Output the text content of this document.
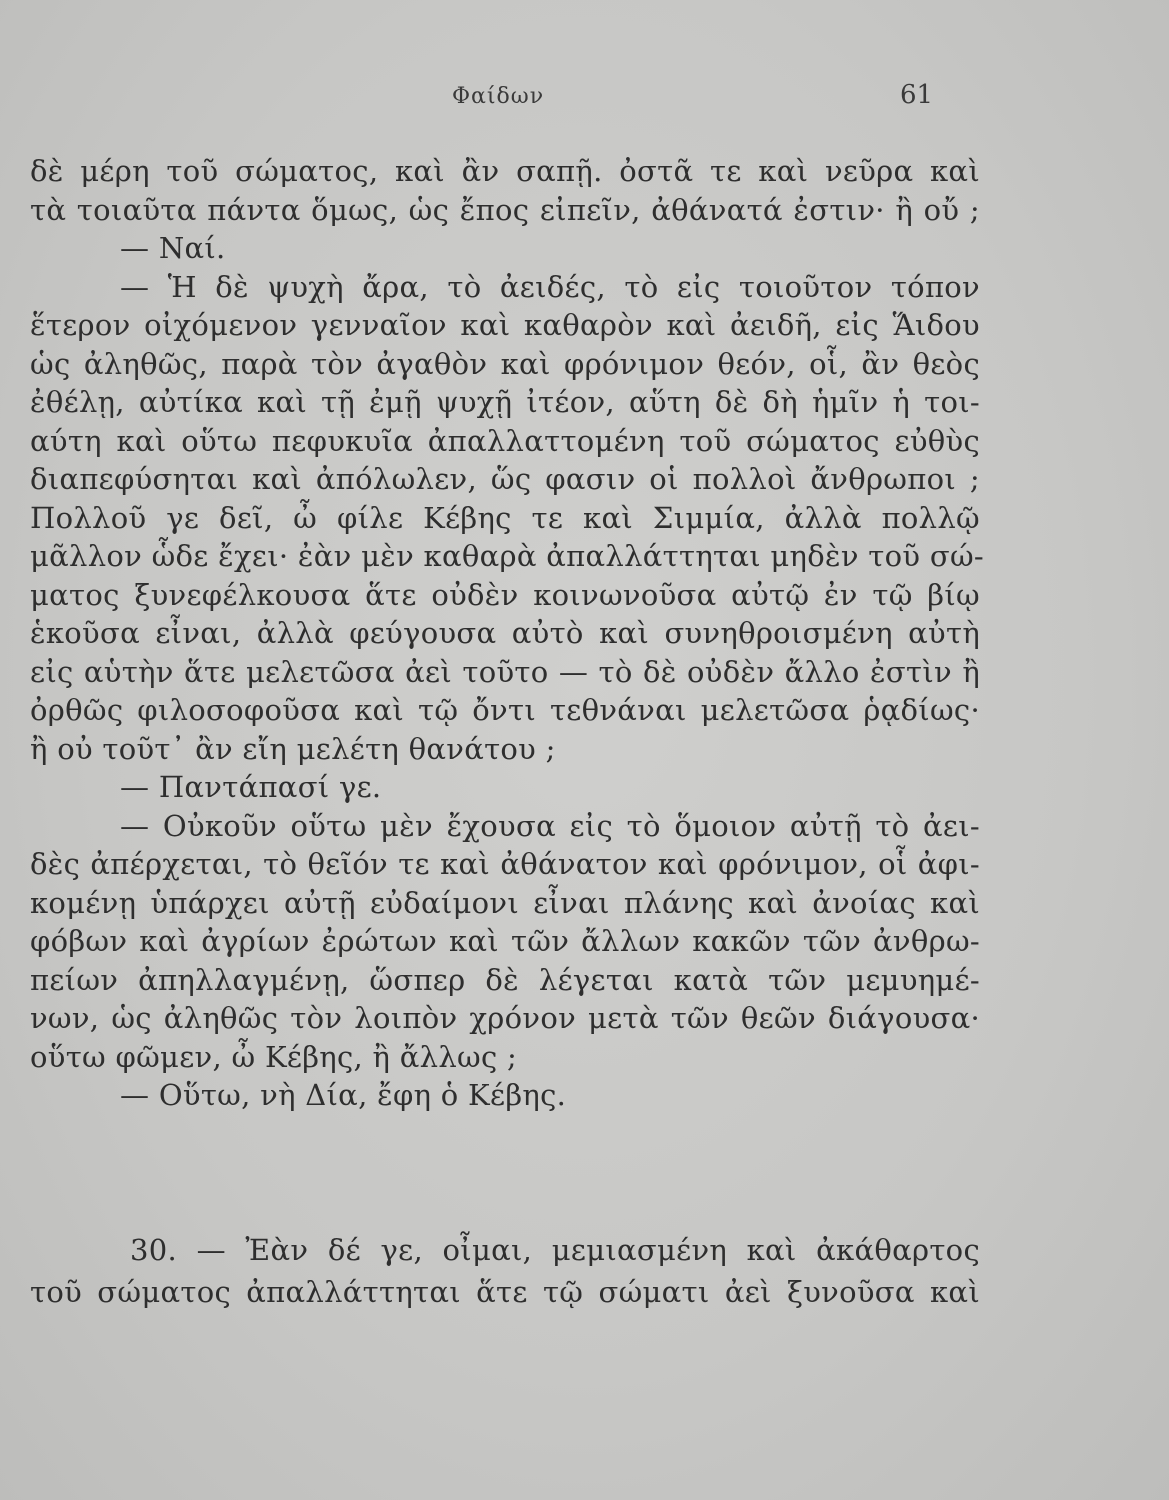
Φαίδων	61
δὲ μέρη τοῦ σώματος, καὶ ἂν σαπῇ. ὀστᾶ τε καὶ νεῦρα καὶ
τὰ τοιαῦτα πάντα ὅμως, ὡς ἔπος εἰπεῖν, ἀθάνατά ἐστιν· ἢ οὔ ;
— Ναί.
— Ἡ δὲ ψυχὴ ἄρα, τὸ ἀειδές, τὸ εἰς τοιοῦτον τόπον
ἕτερον οἰχόμενον γενναῖον καὶ καθαρὸν καὶ ἀειδῆ, εἰς Ἅιδου
ὡς ἀληθῶς, παρὰ τὸν ἀγαθὸν καὶ φρόνιμον θεόν, οἷ, ἂν θεὸς
ἐθέλῃ, αὐτίκα καὶ τῇ ἐμῇ ψυχῇ ἰτέον, αὕτη δὲ δὴ ἡμῖν ἡ τοι-
αύτη καὶ οὕτω πεφυκυῖα ἀπαλλαττομένη τοῦ σώματος εὐθὺς
διαπεφύσηται καὶ ἀπόλωλεν, ὥς φασιν οἱ πολλοὶ ἄνθρωποι ;
Πολλοῦ γε δεῖ, ὦ φίλε Κέβης τε καὶ Σιμμία, ἀλλὰ πολλῷ
μᾶλλον ὧδε ἔχει· ἐὰν μὲν καθαρὰ ἀπαλλάττηται μηδὲν τοῦ σώ-
ματος ξυνεφέλκουσα ἅτε οὐδὲν κοινωνοῦσα αὐτῷ ἐν τῷ βίῳ
ἑκοῦσα εἶναι, ἀλλὰ φεύγουσα αὐτὸ καὶ συνηθροισμένη αὐτὴ
εἰς αὑτὴν ἅτε μελετῶσα ἀεὶ τοῦτο — τὸ δὲ οὐδὲν ἄλλο ἐστὶν ἢ
ὀρθῶς φιλοσοφοῦσα καὶ τῷ ὄντι τεθνάναι μελετῶσα ῥᾳδίως·
ἢ οὐ τοῦτ᾽ ἂν εἴη μελέτη θανάτου ;
— Παντάπασί γε.
— Οὐκοῦν οὕτω μὲν ἔχουσα εἰς τὸ ὅμοιον αὐτῇ τὸ ἀει-
δὲς ἀπέρχεται, τὸ θεῖόν τε καὶ ἀθάνατον καὶ φρόνιμον, οἷ ἀφι-
κομένῃ ὑπάρχει αὐτῇ εὐδαίμονι εἶναι πλάνης καὶ ἀνοίας καὶ
φόβων καὶ ἀγρίων ἐρώτων καὶ τῶν ἄλλων κακῶν τῶν ἀνθρω-
πείων ἀπηλλαγμένῃ, ὥσπερ δὲ λέγεται κατὰ τῶν μεμυημέ-
νων, ὡς ἀληθῶς τὸν λοιπὸν χρόνον μετὰ τῶν θεῶν διάγουσα·
οὕτω φῶμεν, ὦ Κέβης, ἢ ἄλλως ;
— Οὕτω, νὴ Δία, ἔφη ὁ Κέβης.
30. — Ἐὰν δέ γε, οἶμαι, μεμιασμένη καὶ ἀκάθαρτος
τοῦ σώματος ἀπαλλάττηται ἅτε τῷ σώματι ἀεὶ ξυνοῦσα καὶ
